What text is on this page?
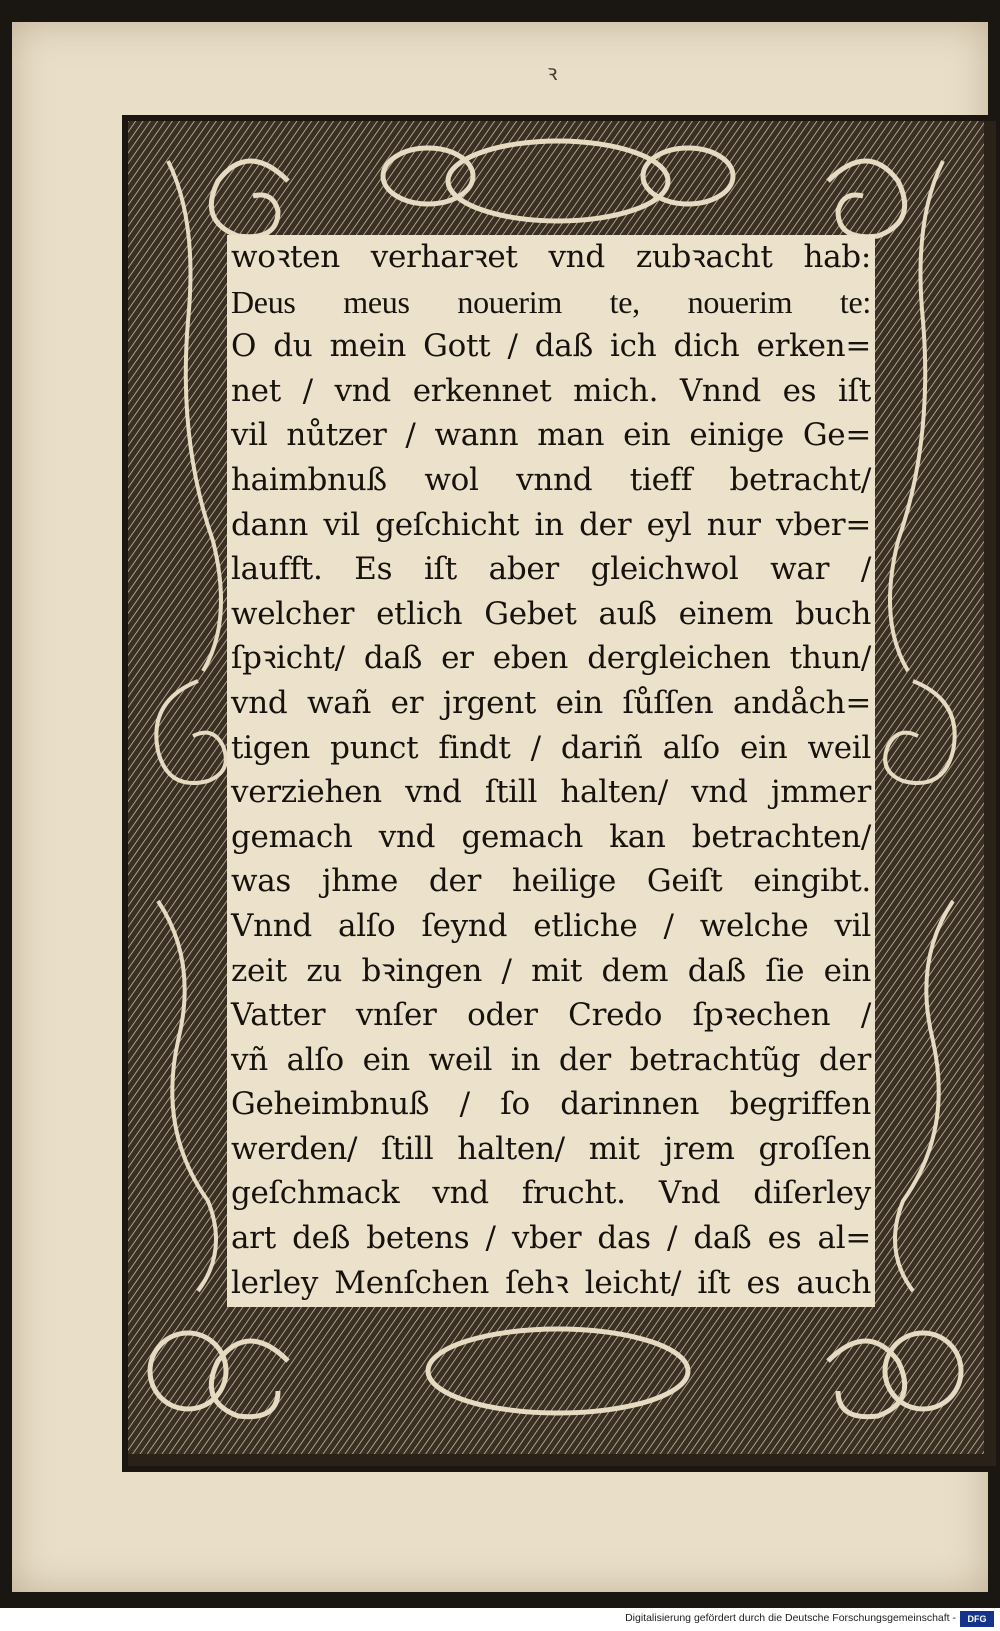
ꝛ
woꝛten verharꝛet vnd zubꝛacht hab:
Deus meus nouerim te, nouerim te:
O du mein Gott / daß ich dich erken=
net / vnd erkennet mich. Vnnd es iſt
vil nůtzer / wann man ein einige Ge=
haimbnuß wol vnnd tieff betracht/
dann vil geſchicht in der eyl nur vber=
laufft. Es iſt aber gleichwol war /
welcher etlich Gebet auß einem buch
ſpꝛicht/ daß er eben dergleichen thun/
vnd wañ er jrgent ein ſůſſen andåch=
tigen punct findt / dariñ alſo ein weil
verziehen vnd ſtill halten/ vnd jmmer
gemach vnd gemach kan betrachten/
was jhme der heilige Geiſt eingibt.
Vnnd alſo ſeynd etliche / welche vil
zeit zu bꝛingen / mit dem daß ſie ein
Vatter vnſer oder Credo ſpꝛechen /
vñ alſo ein weil in der betrachtũg der
Geheimbnuß / ſo darinnen begriffen
werden/ ſtill halten/ mit jrem groſſen
geſchmack vnd frucht. Vnd diſerley
art deß betens / vber das / daß es al=
lerley Menſchen ſehꝛ leicht/ iſt es auch
Digitalisierung gefördert durch die Deutsche Forschungsgemeinschaft -	DFG
